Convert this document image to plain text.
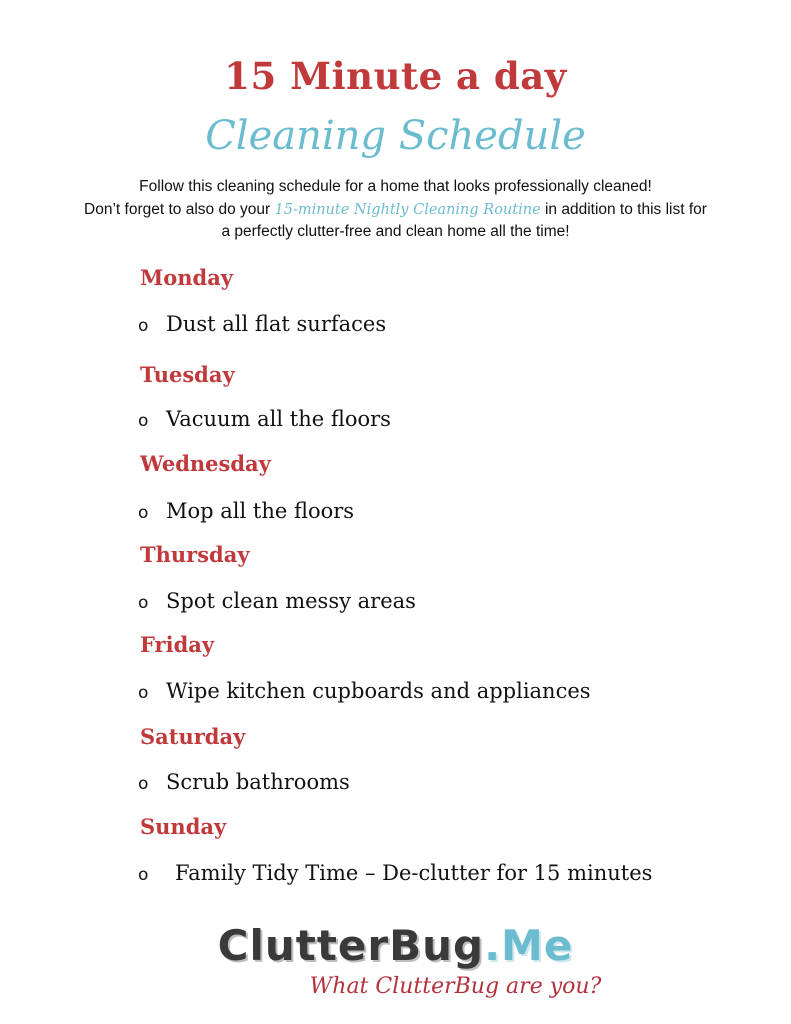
15 Minute a day
Cleaning Schedule
Follow this cleaning schedule for a home that looks professionally cleaned!
Don’t forget to also do your 15-minute Nightly Cleaning Routine in addition to this list for
a perfectly clutter-free and clean home all the time!
Monday
o Dust all flat surfaces
Tuesday
o Vacuum all the floors
Wednesday
o Mop all the floors
Thursday
o Spot clean messy areas
Friday
o Wipe kitchen cupboards and appliances
Saturday
o Scrub bathrooms
Sunday
o Family Tidy Time – De-clutter for 15 minutes
ClutterBug.Me
What ClutterBug are you?
